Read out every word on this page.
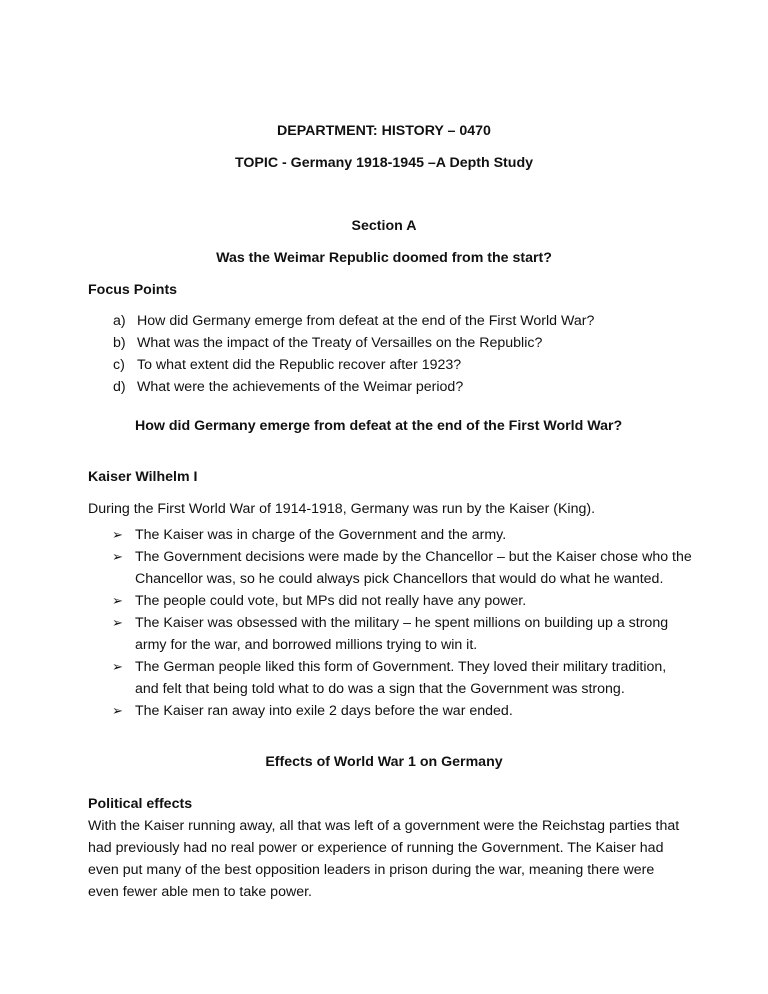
DEPARTMENT: HISTORY – 0470
TOPIC - Germany 1918-1945 –A Depth Study
Section A
Was the Weimar Republic doomed from the start?
Focus Points
a) How did Germany emerge from defeat at the end of the First World War?
b) What was the impact of the Treaty of Versailles on the Republic?
c) To what extent did the Republic recover after 1923?
d) What were the achievements of the Weimar period?
How did Germany emerge from defeat at the end of the First World War?
Kaiser Wilhelm I
During the First World War of 1914-1918, Germany was run by the Kaiser (King).
➢ The Kaiser was in charge of the Government and the army.
➢ The Government decisions were made by the Chancellor – but the Kaiser chose who the Chancellor was, so he could always pick Chancellors that would do what he wanted.
➢ The people could vote, but MPs did not really have any power.
➢ The Kaiser was obsessed with the military – he spent millions on building up a strong army for the war, and borrowed millions trying to win it.
➢ The German people liked this form of Government. They loved their military tradition, and felt that being told what to do was a sign that the Government was strong.
➢ The Kaiser ran away into exile 2 days before the war ended.
Effects of World War 1 on Germany
Political effects
With the Kaiser running away, all that was left of a government were the Reichstag parties that had previously had no real power or experience of running the Government. The Kaiser had even put many of the best opposition leaders in prison during the war, meaning there were even fewer able men to take power.
